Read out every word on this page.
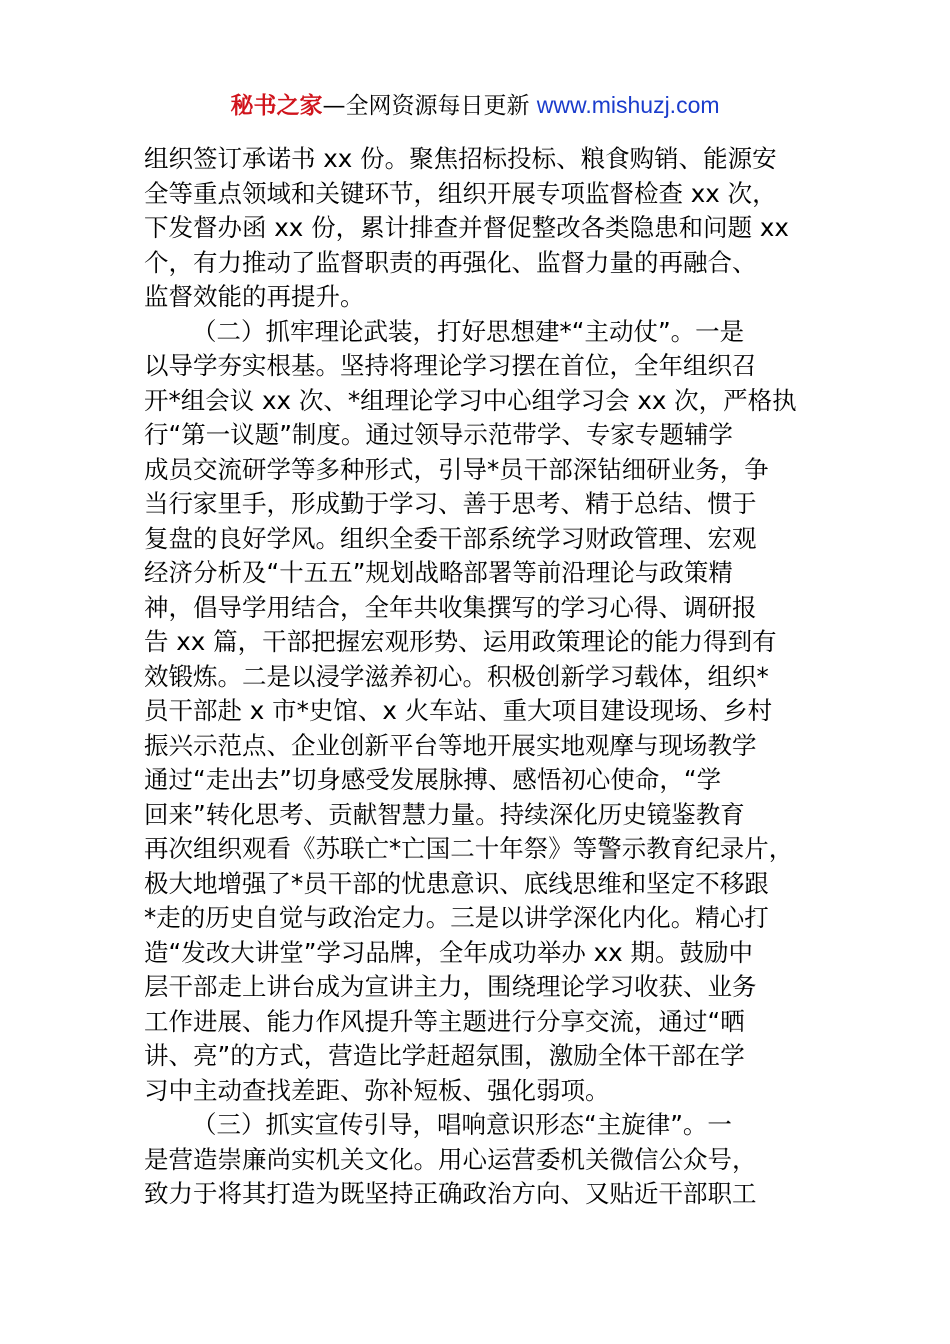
秘书之家—全网资源每日更新 www.mishuzj.com
组织签订承诺书 xx 份。聚焦招标投标、粮食购销、能源安
全等重点领域和关键环节，组织开展专项监督检查 xx 次，
下发督办函 xx 份，累计排查并督促整改各类隐患和问题 xx
个，有力推动了监督职责的再强化、监督力量的再融合、
监督效能的再提升。
（二）抓牢理论武装，打好思想建*“主动仗”。一是
以导学夯实根基。坚持将理论学习摆在首位，全年组织召
开*组会议 xx 次、*组理论学习中心组学习会 xx 次，严格执
行“第一议题”制度。通过领导示范带学、专家专题辅学
成员交流研学等多种形式，引导*员干部深钻细研业务，争
当行家里手，形成勤于学习、善于思考、精于总结、惯于
复盘的良好学风。组织全委干部系统学习财政管理、宏观
经济分析及“十五五”规划战略部署等前沿理论与政策精
神，倡导学用结合，全年共收集撰写的学习心得、调研报
告 xx 篇，干部把握宏观形势、运用政策理论的能力得到有
效锻炼。二是以浸学滋养初心。积极创新学习载体，组织*
员干部赴 x 市*史馆、x 火车站、重大项目建设现场、乡村
振兴示范点、企业创新平台等地开展实地观摩与现场教学
通过“走出去”切身感受发展脉搏、感悟初心使命，“学
回来”转化思考、贡献智慧力量。持续深化历史镜鉴教育
再次组织观看《苏联亡*亡国二十年祭》等警示教育纪录片，
极大地增强了*员干部的忧患意识、底线思维和坚定不移跟
*走的历史自觉与政治定力。三是以讲学深化内化。精心打
造“发改大讲堂”学习品牌，全年成功举办 xx 期。鼓励中
层干部走上讲台成为宣讲主力，围绕理论学习收获、业务
工作进展、能力作风提升等主题进行分享交流，通过“晒
讲、亮”的方式，营造比学赶超氛围，激励全体干部在学
习中主动查找差距、弥补短板、强化弱项。
（三）抓实宣传引导，唱响意识形态“主旋律”。一
是营造崇廉尚实机关文化。用心运营委机关微信公众号，
致力于将其打造为既坚持正确政治方向、又贴近干部职工
